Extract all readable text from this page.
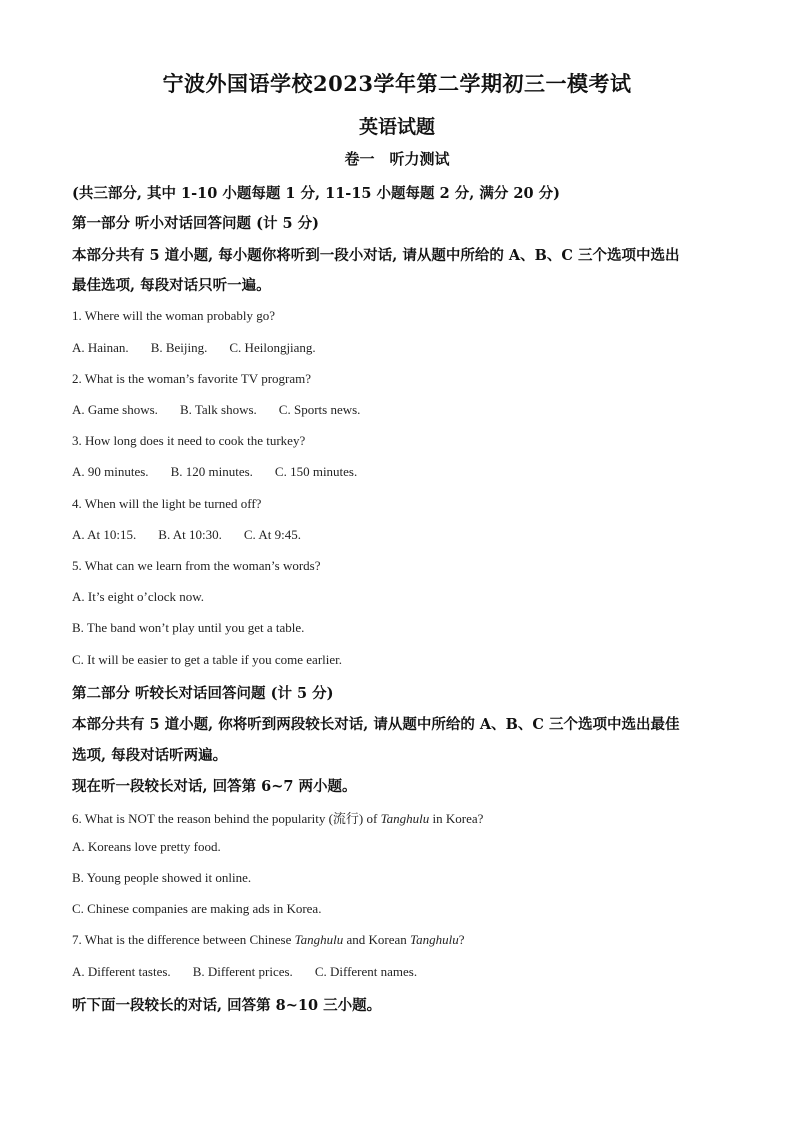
宁波外国语学校2023学年第二学期初三一模考试
英语试题
卷一　听力测试
(共三部分, 其中 1-10 小题每题 1 分, 11-15 小题每题 2 分, 满分 20 分)
第一部分 听小对话回答问题 (计 5 分)
本部分共有 5 道小题, 每小题你将听到一段小对话, 请从题中所给的 A、B、C 三个选项中选出
最佳选项, 每段对话只听一遍。
1. Where will the woman probably go?
A. Hainan. B. Beijing. C. Heilongjiang.
2. What is the woman’s favorite TV program?
A. Game shows. B. Talk shows. C. Sports news.
3. How long does it need to cook the turkey?
A. 90 minutes. B. 120 minutes. C. 150 minutes.
4. When will the light be turned off?
A. At 10:15. B. At 10:30. C. At 9:45.
5. What can we learn from the woman’s words?
A. It’s eight o’clock now.
B. The band won’t play until you get a table.
C. It will be easier to get a table if you come earlier.
第二部分 听较长对话回答问题 (计 5 分)
本部分共有 5 道小题, 你将听到两段较长对话, 请从题中所给的 A、B、C 三个选项中选出最佳
选项, 每段对话听两遍。
现在听一段较长对话, 回答第 6~7 两小题。
6. What is NOT the reason behind the popularity (流行) of Tanghulu in Korea?
A. Koreans love pretty food.
B. Young people showed it online.
C. Chinese companies are making ads in Korea.
7. What is the difference between Chinese Tanghulu and Korean Tanghulu?
A. Different tastes. B. Different prices. C. Different names.
听下面一段较长的对话, 回答第 8~10 三小题。
